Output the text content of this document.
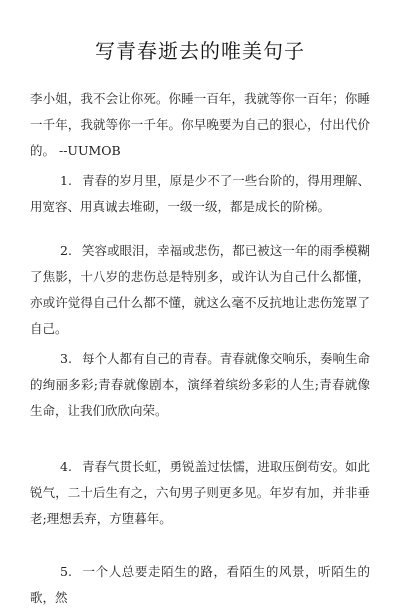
写青春逝去的唯美句子
李小姐，我不会让你死。你睡一百年，我就等你一百年；你睡一千年，我就等你一千年。你早晚要为自己的狠心，付出代价的。 --UUMOB
1. 青春的岁月里，原是少不了一些台阶的，得用理解、用宽容、用真诚去堆砌，一级一级，都是成长的阶梯。
2. 笑容或眼泪，幸福或悲伤，都已被这一年的雨季模糊了焦影，十八岁的悲伤总是特别多，或许认为自己什么都懂，亦或许觉得自己什么都不懂，就这么毫不反抗地让悲伤笼罩了自己。
3. 每个人都有自己的青春。青春就像交响乐，奏响生命的绚丽多彩;青春就像剧本，演绎着缤纷多彩的人生;青春就像生命，让我们欣欣向荣。
4. 青春气贯长虹，勇锐盖过怯懦，进取压倒苟安。如此锐气，二十后生有之，六旬男子则更多见。年岁有加，并非垂老;理想丢弃，方堕暮年。
5. 一个人总要走陌生的路，看陌生的风景，听陌生的歌，然
